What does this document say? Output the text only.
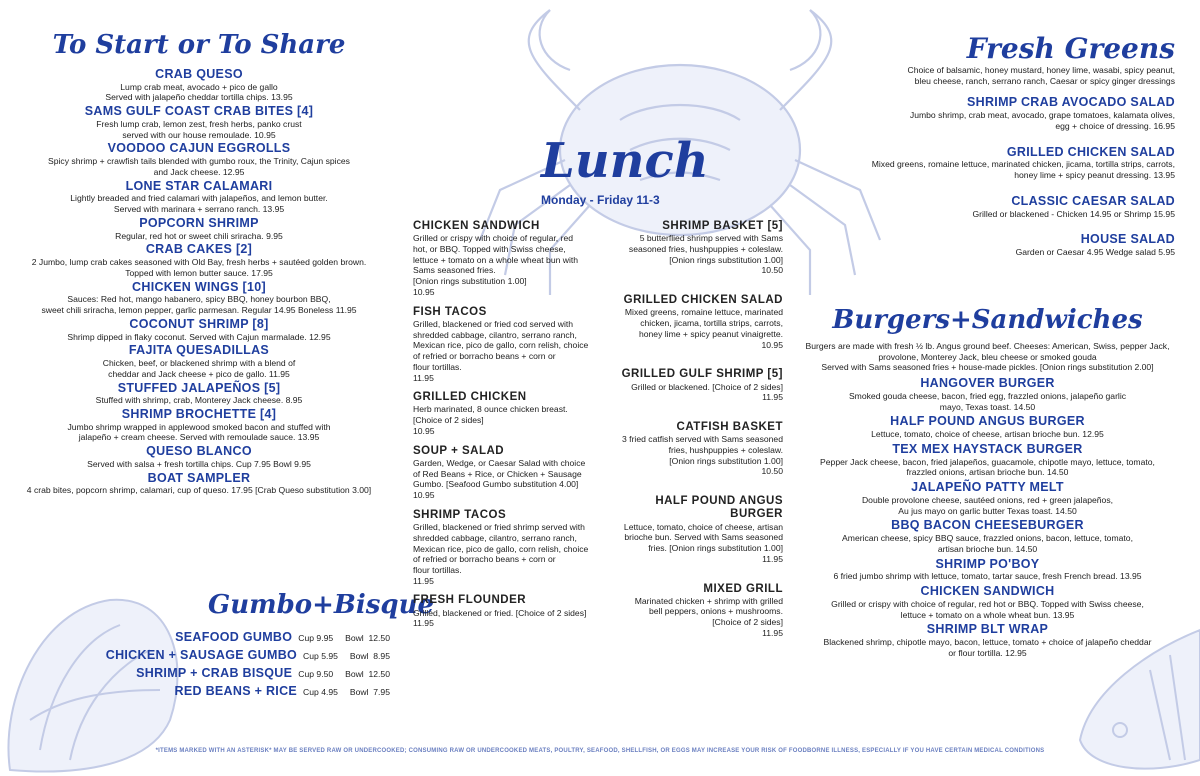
To Start or To Share
CRAB QUESO
Lump crab meat, avocado + pico de gallo
Served with jalapeño cheddar tortilla chips. 13.95
SAMS GULF COAST CRAB BITES [4]
Fresh lump crab, lemon zest, fresh herbs, panko crust
served with our house remoulade. 10.95
VOODOO CAJUN EGGROLLS
Spicy shrimp + crawfish tails blended with gumbo roux, the Trinity, Cajun spices
and Jack cheese. 12.95
LONE STAR CALAMARI
Lightly breaded and fried calamari with jalapeños, and lemon butter.
Served with marinara + serrano ranch. 13.95
POPCORN SHRIMP
Regular, red hot or sweet chili sriracha. 9.95
CRAB CAKES [2]
2 Jumbo, lump crab cakes seasoned with Old Bay, fresh herbs + sautéed golden brown.
Topped with lemon butter sauce. 17.95
CHICKEN WINGS [10]
Sauces: Red hot, mango habanero, spicy BBQ, honey bourbon BBQ,
sweet chili sriracha, lemon pepper, garlic parmesan. Regular 14.95 Boneless 11.95
COCONUT SHRIMP [8]
Shrimp dipped in flaky coconut. Served with Cajun marmalade. 12.95
FAJITA QUESADILLAS
Chicken, beef, or blackened shrimp with a blend of
cheddar and Jack cheese + pico de gallo. 11.95
STUFFED JALAPEÑOS [5]
Stuffed with shrimp, crab, Monterey Jack cheese. 8.95
SHRIMP BROCHETTE [4]
Jumbo shrimp wrapped in applewood smoked bacon and stuffed with
jalapeño + cream cheese. Served with remoulade sauce. 13.95
QUESO BLANCO
Served with salsa + fresh tortilla chips. Cup 7.95 Bowl 9.95
BOAT SAMPLER
4 crab bites, popcorn shrimp, calamari, cup of queso. 17.95 [Crab Queso substitution 3.00]
Gumbo+Bisque
SEAFOOD GUMBO Cup 9.95     Bowl  12.50
CHICKEN + SAUSAGE GUMBO Cup 5.95     Bowl  8.95
SHRIMP + CRAB BISQUE Cup 9.50     Bowl  12.50
RED BEANS + RICE Cup 4.95     Bowl  7.95
Lunch
Monday - Friday 11-3
CHICKEN SANDWICH
Grilled or crispy with choice of regular, red
hot, or BBQ. Topped with Swiss cheese,
lettuce + tomato on a whole wheat bun with
Sams seasoned fries.
[Onion rings substitution 1.00]
10.95
FISH TACOS
Grilled, blackened or fried cod served with
shredded cabbage, cilantro, serrano ranch,
Mexican rice, pico de gallo, corn relish, choice
of refried or borracho beans + corn or
flour tortillas.
11.95
GRILLED CHICKEN
Herb marinated, 8 ounce chicken breast.
[Choice of 2 sides]
10.95
SOUP + SALAD
Garden, Wedge, or Caesar Salad with choice
of Red Beans + Rice, or Chicken + Sausage
Gumbo. [Seafood Gumbo substitution 4.00]
10.95
SHRIMP TACOS
Grilled, blackened or fried shrimp served with
shredded cabbage, cilantro, serrano ranch,
Mexican rice, pico de gallo, corn relish, choice
of refried or borracho beans + corn or
flour tortillas.
11.95
FRESH FLOUNDER
Grilled, blackened or fried. [Choice of 2 sides]
11.95
SHRIMP BASKET [5]
5 butterflied shrimp served with Sams
seasoned fries, hushpuppies + coleslaw.
[Onion rings substitution 1.00]
10.50
GRILLED CHICKEN SALAD
Mixed greens, romaine lettuce, marinated
chicken, jicama, tortilla strips, carrots,
honey lime + spicy peanut vinaigrette.
10.95
GRILLED GULF SHRIMP [5]
Grilled or blackened. [Choice of 2 sides]
11.95
CATFISH BASKET
3 fried catfish served with Sams seasoned
fries, hushpuppies + coleslaw.
[Onion rings substitution 1.00]
10.50
HALF POUND ANGUS BURGER
Lettuce, tomato, choice of cheese, artisan
brioche bun. Served with Sams seasoned
fries. [Onion rings substitution 1.00]
11.95
MIXED GRILL
Marinated chicken + shrimp with grilled
bell peppers, onions + mushrooms.
[Choice of 2 sides]
11.95
Fresh Greens
Choice of balsamic, honey mustard, honey lime, wasabi, spicy peanut,
bleu cheese, ranch, serrano ranch, Caesar or spicy ginger dressings
SHRIMP CRAB AVOCADO SALAD
Jumbo shrimp, crab meat, avocado, grape tomatoes, kalamata olives,
egg + choice of dressing. 16.95
GRILLED CHICKEN SALAD
Mixed greens, romaine lettuce, marinated chicken, jicama, tortilla strips, carrots,
honey lime + spicy peanut dressing. 13.95
CLASSIC CAESAR SALAD
Grilled or blackened - Chicken 14.95 or Shrimp 15.95
HOUSE SALAD
Garden or Caesar 4.95 Wedge salad 5.95
Burgers+Sandwiches
Burgers are made with fresh ½ lb. Angus ground beef. Cheeses: American, Swiss, pepper Jack,
provolone, Monterey Jack, bleu cheese or smoked gouda
Served with Sams seasoned fries + house-made pickles. [Onion rings substitution 2.00]
HANGOVER BURGER
Smoked gouda cheese, bacon, fried egg, frazzled onions, jalapeño garlic
mayo, Texas toast. 14.50
HALF POUND ANGUS BURGER
Lettuce, tomato, choice of cheese, artisan brioche bun. 12.95
TEX MEX HAYSTACK BURGER
Pepper Jack cheese, bacon, fried jalapeños, guacamole, chipotle mayo, lettuce, tomato,
frazzled onions, artisan brioche bun. 14.50
JALAPEÑO PATTY MELT
Double provolone cheese, sautéed onions, red + green jalapeños,
Au jus mayo on garlic butter Texas toast. 14.50
BBQ BACON CHEESEBURGER
American cheese, spicy BBQ sauce, frazzled onions, bacon, lettuce, tomato,
artisan brioche bun. 14.50
SHRIMP PO'BOY
6 fried jumbo shrimp with lettuce, tomato, tartar sauce, fresh French bread. 13.95
CHICKEN SANDWICH
Grilled or crispy with choice of regular, red hot or BBQ. Topped with Swiss cheese,
lettuce + tomato on a whole wheat bun. 13.95
SHRIMP BLT WRAP
Blackened shrimp, chipotle mayo, bacon, lettuce, tomato + choice of jalapeño cheddar
or flour tortilla. 12.95
*ITEMS MARKED WITH AN ASTERISK* MAY BE SERVED RAW OR UNDERCOOKED; CONSUMING RAW OR UNDERCOOKED MEATS, POULTRY, SEAFOOD, SHELLFISH, OR EGGS MAY INCREASE YOUR RISK OF FOODBORNE ILLNESS, ESPECIALLY IF YOU HAVE CERTAIN MEDICAL CONDITIONS
